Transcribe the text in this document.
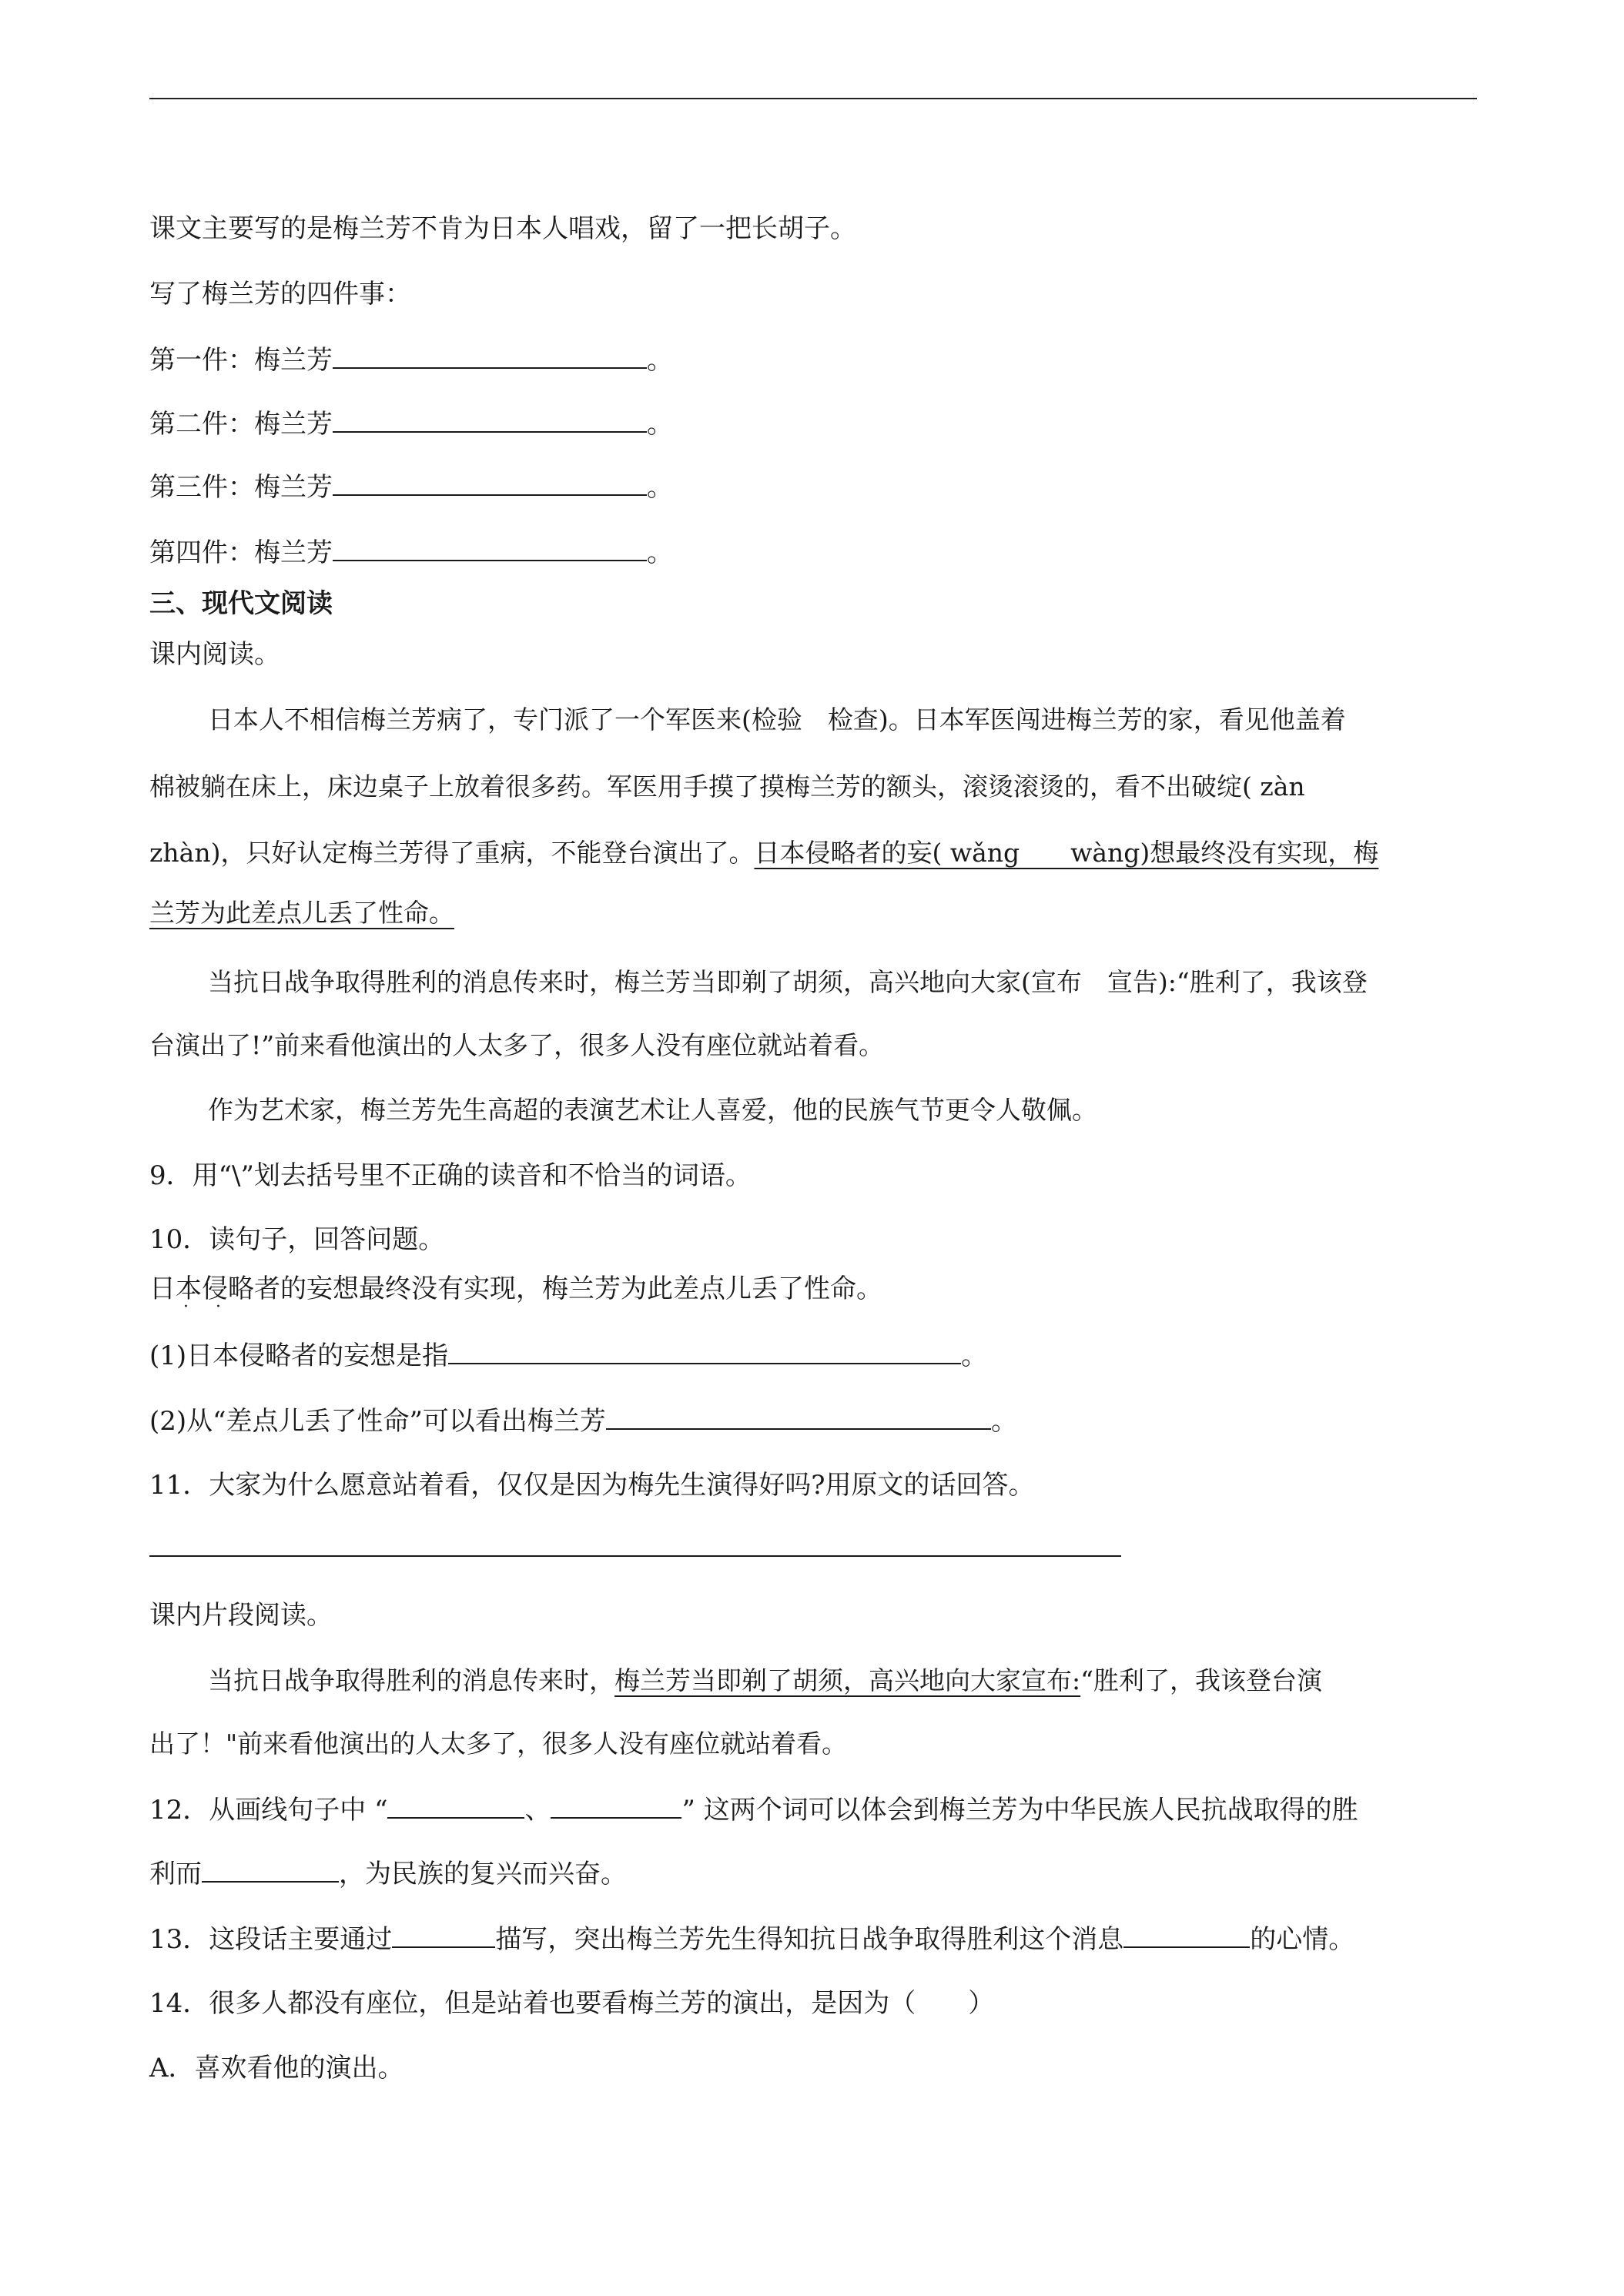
课文主要写的是梅兰芳不肯为日本人唱戏，留了一把长胡子。
写了梅兰芳的四件事：
第一件：梅兰芳	。
第二件：梅兰芳	。
第三件：梅兰芳	。
第四件：梅兰芳	。
三、现代文阅读
课内阅读。
日本人不相信梅兰芳病了，专门派了一个军医来(检验　检查)。日本军医闯进梅兰芳的家，看见他盖着
棉被躺在床上，床边桌子上放着很多药。军医用手摸了摸梅兰芳的额头，滚烫滚烫的，看不出破绽( zàn
zhàn)，只好认定梅兰芳得了重病，不能登台演出了。日本侵略者的妄( wǎng　　wàng)想最终没有实现，梅
兰芳为此差点儿丢了性命。
当抗日战争取得胜利的消息传来时，梅兰芳当即剃了胡须，高兴地向大家(宣布　宣告):“胜利了，我该登
台演出了!”前来看他演出的人太多了，很多人没有座位就站着看。
作为艺术家，梅兰芳先生高超的表演艺术让人喜爱，他的民族气节更令人敬佩。
9．用“\”划去括号里不正确的读音和不恰当的词语。
10．读句子，回答问题。
日本侵略者的妄想最终没有实现，梅兰芳为此差点儿丢了性命。 · ·
(1)日本侵略者的妄想是指	。
(2)从“差点儿丢了性命”可以看出梅兰芳	。
11．大家为什么愿意站着看，仅仅是因为梅先生演得好吗?用原文的话回答。
课内片段阅读。
当抗日战争取得胜利的消息传来时，梅兰芳当即剃了胡须，高兴地向大家宣布:“胜利了，我该登台演
出了！"前来看他演出的人太多了，很多人没有座位就站着看。
12．从画线句子中 “	、	” 这两个词可以体会到梅兰芳为中华民族人民抗战取得的胜
利而	，为民族的复兴而兴奋。
13．这段话主要通过	描写，突出梅兰芳先生得知抗日战争取得胜利这个消息	的心情。
14．很多人都没有座位，但是站着也要看梅兰芳的演出，是因为（　　）
A．喜欢看他的演出。
